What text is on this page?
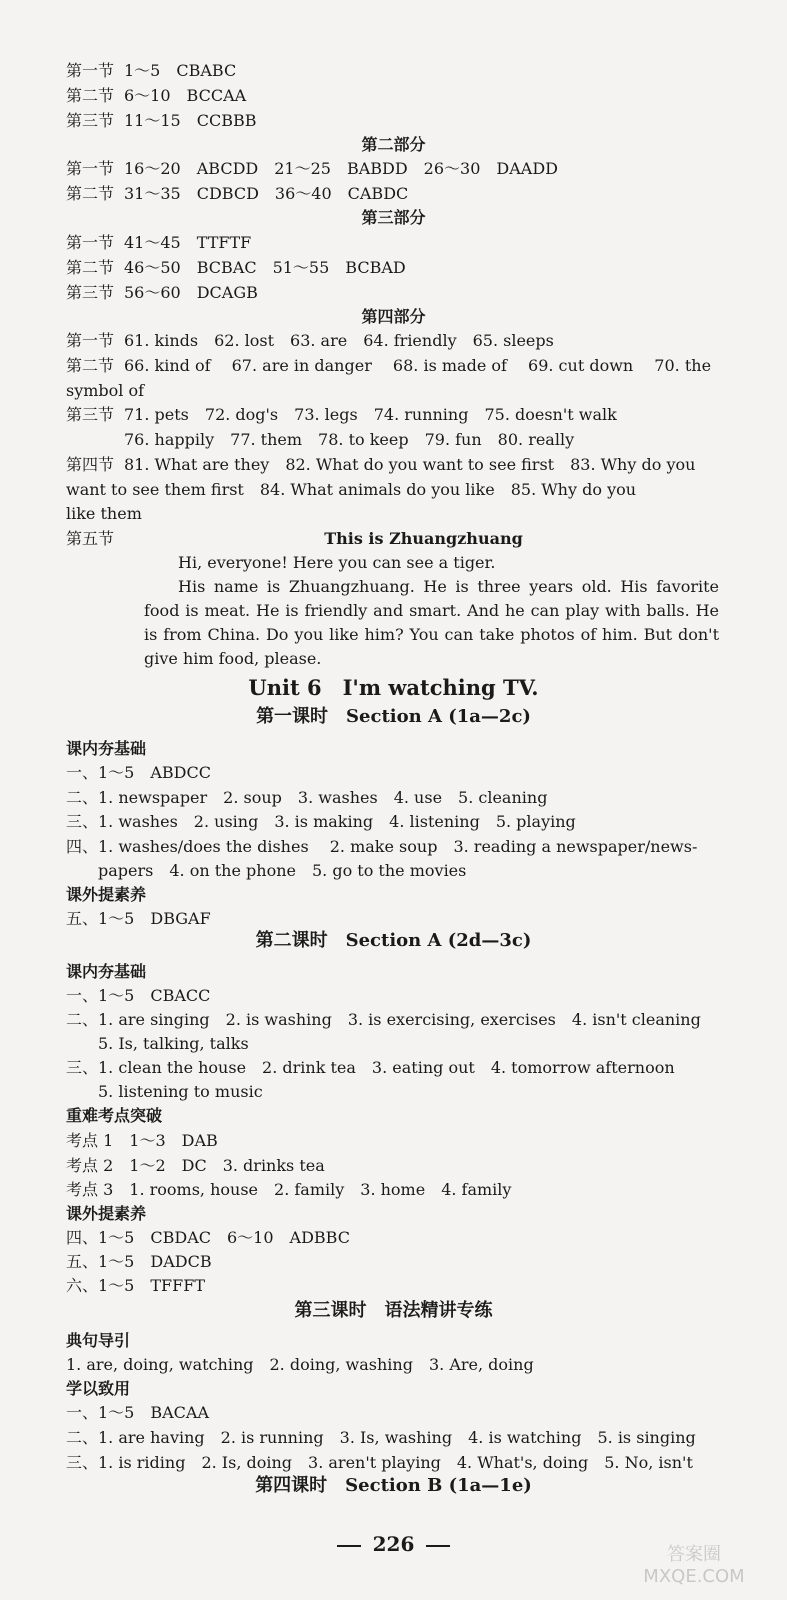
第一节 1～5　CBABC
第二节 6～10　BCCAA
第三节 11～15　CCBBB
第二部分
第一节 16～20　ABCDD　21～25　BABDD　26～30　DAADD
第二节 31～35　CDBCD　36～40　CABDC
第三部分
第一节 41～45　TTFTF
第二节 46～50　BCBAC　51～55　BCBAD
第三节 56～60　DCAGB
第四部分
第一节 61. kinds　62. lost　63. are　64. friendly　65. sleeps
第二节 66. kind of　 67. are in danger　 68. is made of　 69. cut down　 70. the
symbol of
第三节 71. pets　72. dog's　73. legs　74. running　75. doesn't walk
76. happily　77. them　78. to keep　79. fun　80. really
第四节 81. What are they　82. What do you want to see first　83. Why do you
want to see them first　84. What animals do you like　85. Why do you
like them
第五节	This is Zhuangzhuang

Hi, everyone! Here you can see a tiger.

His name is Zhuangzhuang. He is three years old. His favorite food is meat. He is friendly and smart. And he can play with balls. He is from China. Do you like him? You can take photos of him. But don't give him food, please.

Unit 6　I'm watching TV.
第一课时　Section A (1a—2c)
课内夯基础
一、1～5　ABDCC
二、1. newspaper　2. soup　3. washes　4. use　5. cleaning
三、1. washes　2. using　3. is making　4. listening　5. playing
四、1. washes/does the dishes　 2. make soup　3. reading a newspaper/news-
papers　4. on the phone　5. go to the movies
课外提素养
五、1～5　DBGAF
第二课时　Section A (2d—3c)
课内夯基础
一、1～5　CBACC
二、1. are singing　2. is washing　3. is exercising, exercises　4. isn't cleaning
5. Is, talking, talks
三、1. clean the house　2. drink tea　3. eating out　4. tomorrow afternoon
5. listening to music
重难考点突破
考点 1　1～3　DAB
考点 2　1～2　DC　3. drinks tea
考点 3　1. rooms, house　2. family　3. home　4. family
课外提素养
四、1～5　CBDAC　6～10　ADBBC
五、1～5　DADCB
六、1～5　TFFFT
第三课时　语法精讲专练
典句导引
1. are, doing, watching　2. doing, washing　3. Are, doing
学以致用
一、1～5　BACAA
二、1. are having　2. is running　3. Is, washing　4. is watching　5. is singing
三、1. is riding　2. Is, doing　3. aren't playing　4. What's, doing　5. No, isn't
第四课时　Section B (1a—1e)
226	答案圈 MXQE.COM
